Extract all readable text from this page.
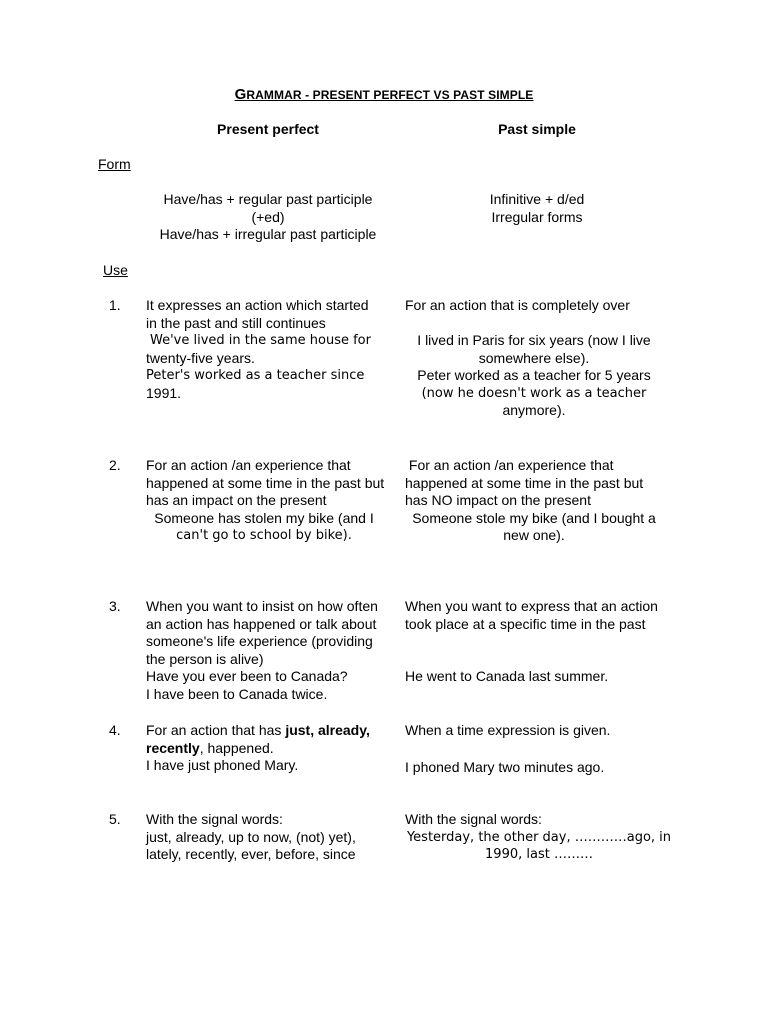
GRAMMAR - PRESENT PERFECT VS PAST SIMPLE
Present perfect	Past simple
Form
Have/has + regular past participle
(+ed)
Have/has + irregular past participle
Infinitive + d/ed
Irregular forms
Use
1. It expresses an action which started
in the past and still continues
We've lived in the same house for
twenty-five years.
Peter's worked as a teacher since
1991.
For an action that is completely over
I lived in Paris for six years (now I live
somewhere else).
Peter worked as a teacher for 5 years
(now he doesn't work as a teacher
anymore).
2. For an action /an experience that
happened at some time in the past but
has an impact on the present
Someone has stolen my bike (and I
can't go to school by bike).
For an action /an experience that
happened at some time in the past but
has NO impact on the present
Someone stole my bike (and I bought a
new one).
3. When you want to insist on how often
an action has happened or talk about
someone's life experience (providing
the person is alive)
Have you ever been to Canada?
I have been to Canada twice.
When you want to express that an action
took place at a specific time in the past
He went to Canada last summer.
4. For an action that has just, already,
recently, happened.
I have just phoned Mary.
When a time expression is given.
I phoned Mary two minutes ago.
5. With the signal words:
just, already, up to now, (not) yet),
lately, recently, ever, before, since
With the signal words:
Yesterday, the other day, …………ago, in
1990, last ………
